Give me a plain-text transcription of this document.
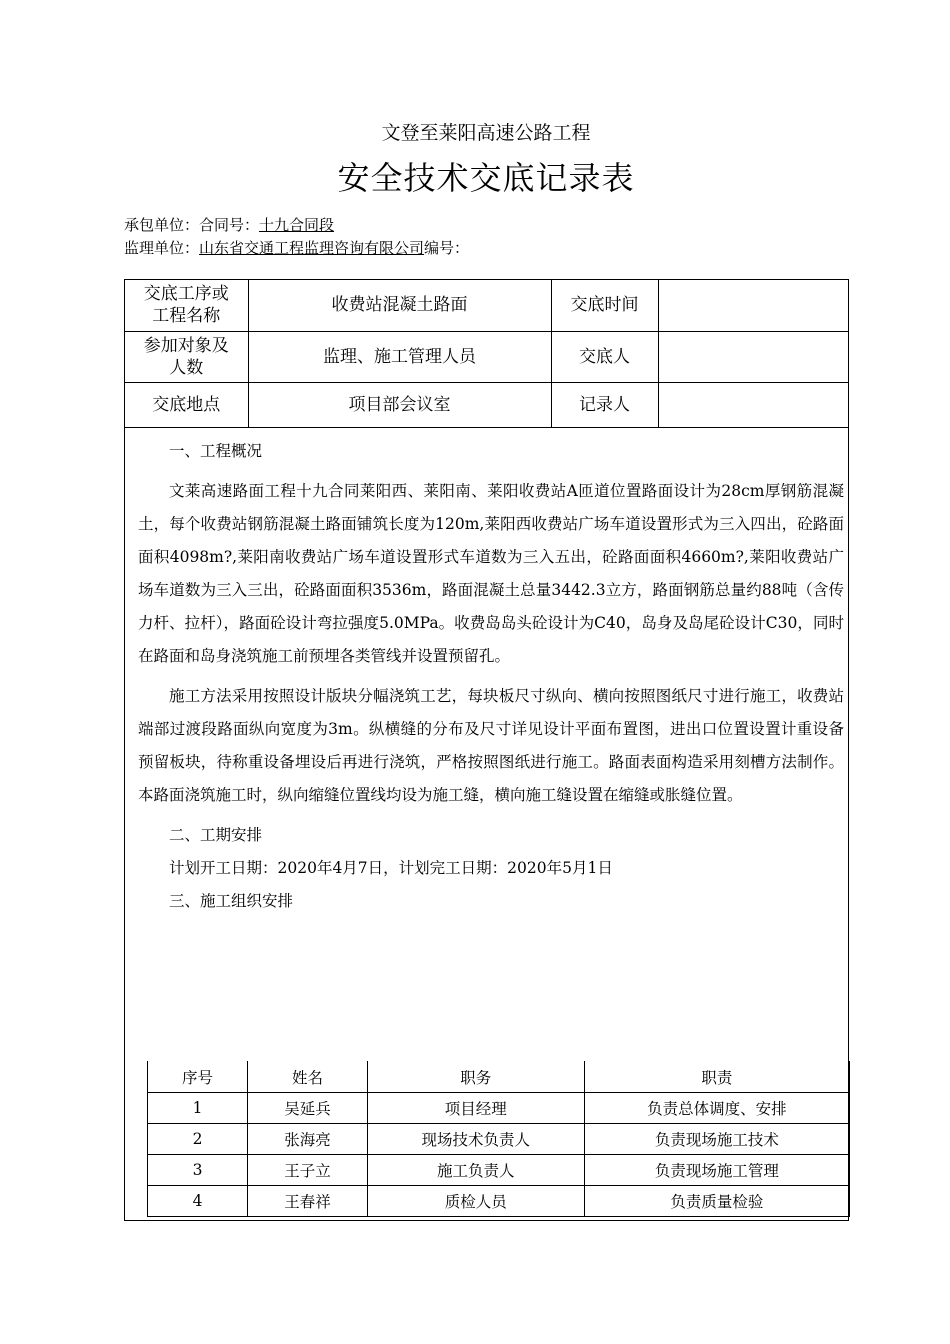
文登至莱阳高速公路工程
安全技术交底记录表
承包单位：合同号：十九合同段
监理单位：山东省交通工程监理咨询有限公司编号：
交底工序或
工程名称	收费站混凝土路面	交底时间	
参加对象及
人数	监理、施工管理人员	交底人	
交底地点	项目部会议室	记录人	

一、工程概况

文莱高速路面工程十九合同莱阳西、莱阳南、莱阳收费站A匝道位置路面设计为28cm厚钢筋混凝土，每个收费站钢筋混凝土路面铺筑长度为120m,莱阳西收费站广场车道设置形式为三入四出，砼路面面积4098m?,莱阳南收费站广场车道设置形式车道数为三入五出，砼路面面积4660m?,莱阳收费站广场车道数为三入三出，砼路面面积3536m，路面混凝土总量3442.3立方，路面钢筋总量约88吨（含传力杆、拉杆），路面砼设计弯拉强度5.0MPa。收费岛岛头砼设计为C40，岛身及岛尾砼设计C30，同时在路面和岛身浇筑施工前预埋各类管线并设置预留孔。

施工方法采用按照设计版块分幅浇筑工艺，每块板尺寸纵向、横向按照图纸尺寸进行施工，收费站端部过渡段路面纵向宽度为3m。纵横缝的分布及尺寸详见设计平面布置图，进出口位置设置计重设备预留板块，待称重设备埋设后再进行浇筑，严格按照图纸进行施工。路面表面构造采用刻槽方法制作。本路面浇筑施工时，纵向缩缝位置线均设为施工缝，横向施工缝设置在缩缝或胀缝位置。

二、工期安排

计划开工日期：2020年4月7日，计划完工日期：2020年5月1日

三、施工组织安排

序号	姓名	职务	职责
1	吴延兵	项目经理	负责总体调度、安排
2	张海亮	现场技术负责人	负责现场施工技术
3	王子立	施工负责人	负责现场施工管理
4	王春祥	质检人员	负责质量检验
